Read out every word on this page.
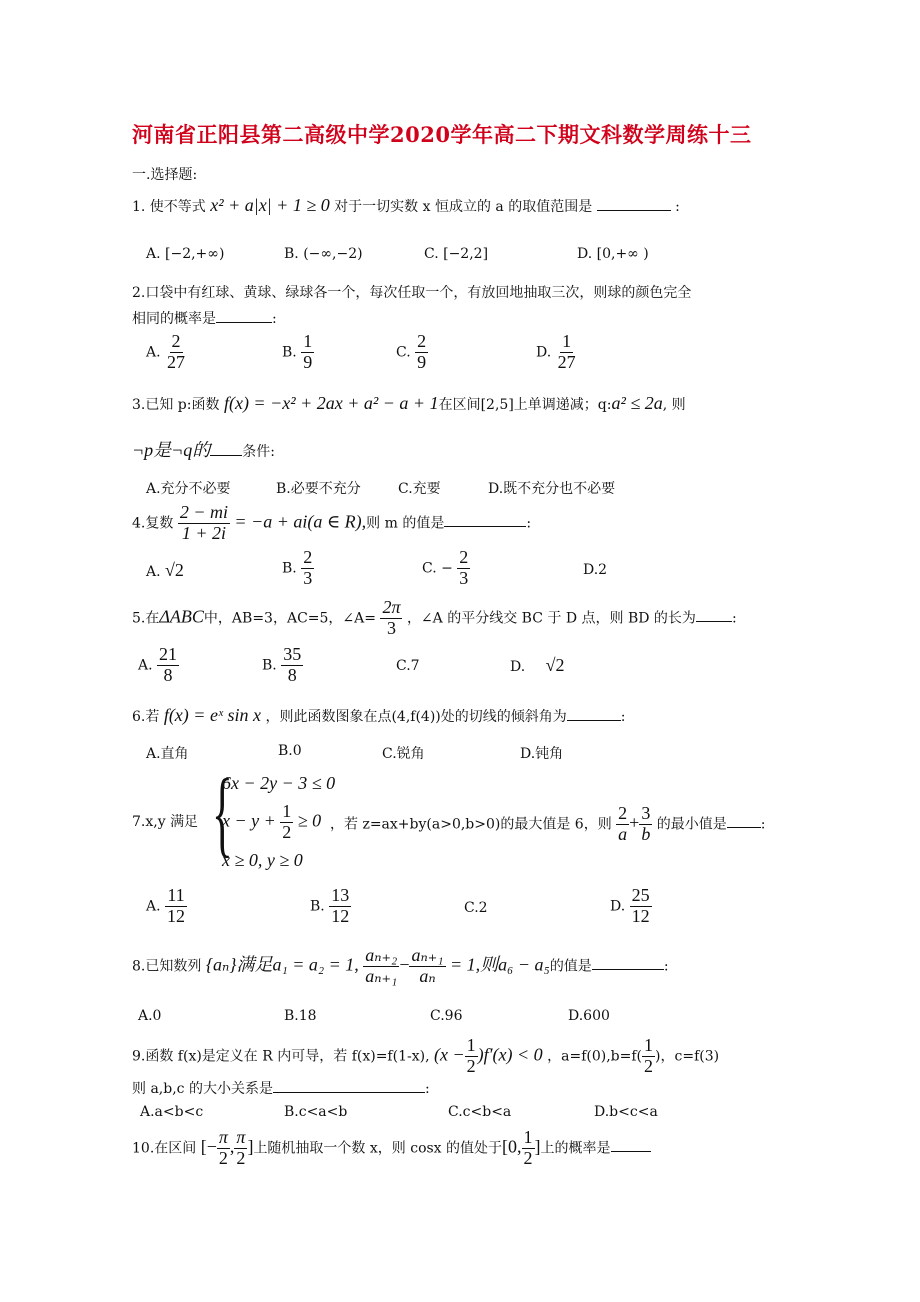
河南省正阳县第二高级中学2020学年高二下期文科数学周练十三
一.选择题:
1. 使不等式 x² + a|x| + 1 ≥ 0 对于一切实数 x 恒成立的 a 的取值范围是	:
A. [−2,+∞)	B. (−∞,−2)	C. [−2,2]	D. [0,+∞ )
2.口袋中有红球、黄球、绿球各一个，每次任取一个，有放回地抽取三次，则球的颜色完全
相同的概率是	:
A. $\frac{2}{27}$	B. $\frac{1}{9}$	C. $\frac{2}{9}$	D. $\frac{1}{27}$
3.已知 p:函数 f(x) = −x² + 2ax + a² − a + 1在区间[2,5]上单调递减；q:a² ≤ 2a, 则
¬p是¬q的 条件:
A.充分不必要	B.必要不充分	C.充要	D.既不充分也不必要
4.复数 $\frac{2 - mi}{1 + 2i} = -a + ai(a$ ∈ R),则 m 的值是	:
A. √2	B. $\frac{2}{3}$	C. − $\frac{2}{3}$	D.2
5.在ΔABC中，AB=3，AC=5，∠A= $\frac{2\pi}{3}$ ，∠A 的平分线交 BC 于 D 点，则 BD 的长为	:
A. $\frac{21}{8}$	B. $\frac{35}{8}$	C.7	D. √2
6.若 f(x) = eˣ sin x ，则此函数图象在点(4,f(4))处的切线的倾斜角为	:
A.直角	B.0	C.锐角	D.钝角
7.x,y 满足 {
6x − 2y − 3 ≤ 0
$x - y + \frac{1}{2} \ge 0$
x ≥ 0, y ≥ 0
，若 z=ax+by(a>0,b>0)的最大值是 6，则 $\frac{2}{a} + \frac{3}{b}$ 的最小值是 :
A. $\frac{11}{12}$	B. $\frac{13}{12}$	C.2	D. $\frac{25}{12}$
8.已知数列 {aₙ}满足a₁ = a₂ = 1, $\frac{\text{aₙ₊₂}}{\text{aₙ₊₁}} - \frac{\text{aₙ₊₁}}{\text{aₙ}} = 1$,则a₆ − a₅的值是	:
A.0	B.18	C.96	D.600
9.函数 f(x)是定义在 R 内可导，若 f(x)=f(1-x), $(x - \frac{1}{2} )f'(x) < 0$ ，$a=f(0),b=f( \frac{1}{2}$ )，c=f(3)
则 a,b,c 的大小关系是	:
A.a<b<c	B.c<a<b	C.c<b<a	D.b<c<a
10.在区间 [− $\frac{\pi}{2}$ , $\frac{\pi}{2}$ ]上随机抽取一个数 x，则 cosx 的值处于[0, $\frac{1}{2}$ ]上的概率是
